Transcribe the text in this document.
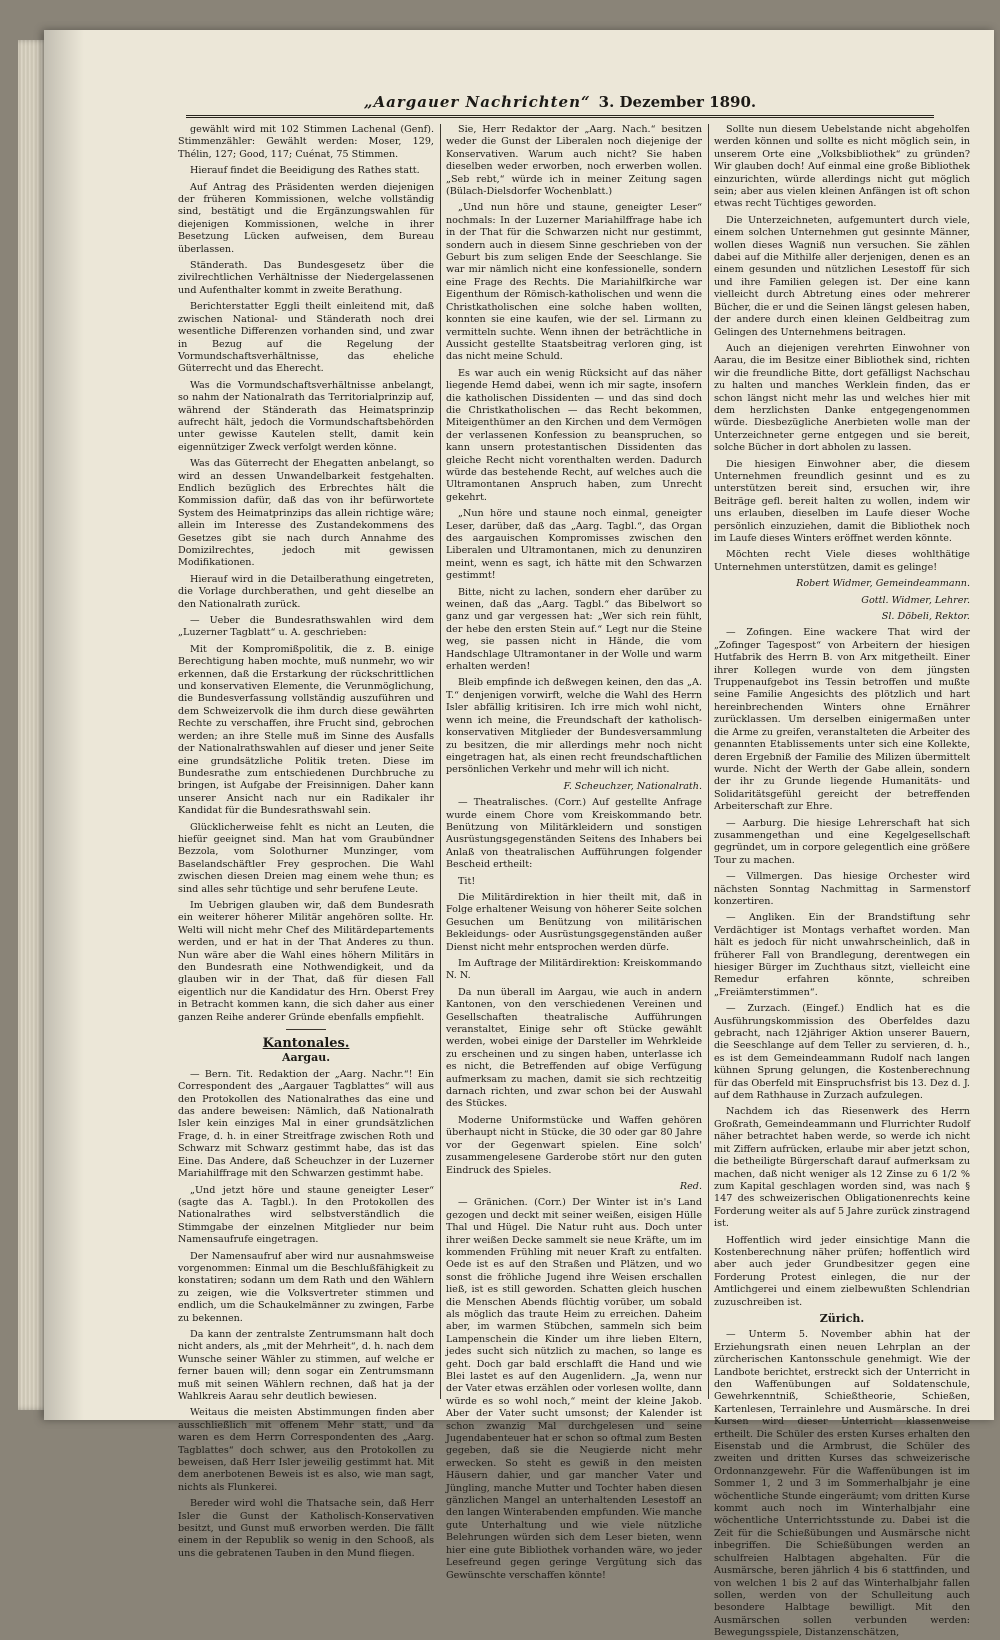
„Aargauer Nachrichten“ 3. Dezember 1890.

gewählt wird mit 102 Stimmen Lachenal (Genf). Stimmenzähler: Gewählt werden: Moser, 129, Thélin, 127; Good, 117; Cuénat, 75 Stimmen.

Hierauf findet die Beeidigung des Rathes statt.

Auf Antrag des Präsidenten werden diejenigen der früheren Kommissionen, welche vollständig sind, bestätigt und die Ergänzungswahlen für diejenigen Kommissionen, welche in ihrer Besetzung Lücken aufweisen, dem Bureau überlassen.

Ständerath. Das Bundesgesetz über die zivilrechtlichen Verhältnisse der Niedergelassenen und Aufenthalter kommt in zweite Berathung.

Berichterstatter Eggli theilt einleitend mit, daß zwischen National- und Ständerath noch drei wesentliche Differenzen vorhanden sind, und zwar in Bezug auf die Regelung der Vormundschaftsverhältnisse, das eheliche Güterrecht und das Eherecht.

Was die Vormundschaftsverhältnisse anbelangt, so nahm der Nationalrath das Territorialprinzip auf, während der Ständerath das Heimatsprinzip aufrecht hält, jedoch die Vormundschaftsbehörden unter gewisse Kautelen stellt, damit kein eigennütziger Zweck verfolgt werden könne.

Was das Güterrecht der Ehegatten anbelangt, so wird an dessen Unwandelbarkeit festgehalten. Endlich bezüglich des Erbrechtes hält die Kommission dafür, daß das von ihr befürwortete System des Heimatprinzips das allein richtige wäre; allein im Interesse des Zustandekommens des Gesetzes gibt sie nach durch Annahme des Domizilrechtes, jedoch mit gewissen Modifikationen.

Hierauf wird in die Detailberathung eingetreten, die Vorlage durchberathen, und geht dieselbe an den Nationalrath zurück.

— Ueber die Bundesrathswahlen wird dem „Luzerner Tagblatt“ u. A. geschrieben:

Mit der Kompromißpolitik, die z. B. einige Berechtigung haben mochte, muß nunmehr, wo wir erkennen, daß die Erstarkung der rückschrittlichen und konservativen Elemente, die Verunmöglichung, die Bundesverfassung vollständig auszuführen und dem Schweizervolk die ihm durch diese gewährten Rechte zu verschaffen, ihre Frucht sind, gebrochen werden; an ihre Stelle muß im Sinne des Ausfalls der Nationalrathswahlen auf dieser und jener Seite eine grundsätzliche Politik treten. Diese im Bundesrathe zum entschiedenen Durchbruche zu bringen, ist Aufgabe der Freisinnigen. Daher kann unserer Ansicht nach nur ein Radikaler ihr Kandidat für die Bundesrathswahl sein.

Glücklicherweise fehlt es nicht an Leuten, die hiefür geeignet sind. Man hat vom Graubündner Bezzola, vom Solothurner Munzinger, vom Baselandschäftler Frey gesprochen. Die Wahl zwischen diesen Dreien mag einem wehe thun; es sind alles sehr tüchtige und sehr berufene Leute.

Im Uebrigen glauben wir, daß dem Bundesrath ein weiterer höherer Militär angehören sollte. Hr. Welti will nicht mehr Chef des Militärdepartements werden, und er hat in der That Anderes zu thun. Nun wäre aber die Wahl eines höhern Militärs in den Bundesrath eine Nothwendigkeit, und da glauben wir in der That, daß für diesen Fall eigentlich nur die Kandidatur des Hrn. Oberst Frey in Betracht kommen kann, die sich daher aus einer ganzen Reihe anderer Gründe ebenfalls empfiehlt.

Kantonales.
Aargau.

— Bern. Tit. Redaktion der „Aarg. Nachr.“! Ein Correspondent des „Aargauer Tagblattes“ will aus den Protokollen des Nationalrathes das eine und das andere beweisen: Nämlich, daß Nationalrath Isler kein einziges Mal in einer grundsätzlichen Frage, d. h. in einer Streitfrage zwischen Roth und Schwarz mit Schwarz gestimmt habe, das ist das Eine. Das Andere, daß Scheuchzer in der Luzerner Mariahilffrage mit den Schwarzen gestimmt habe.

„Und jetzt höre und staune geneigter Leser“ (sagte das A. Tagbl.). In den Protokollen des Nationalrathes wird selbstverständlich die Stimmgabe der einzelnen Mitglieder nur beim Namensaufrufe eingetragen.

Der Namensaufruf aber wird nur ausnahmsweise vorgenommen: Einmal um die Beschlußfähigkeit zu konstatiren; sodann um dem Rath und den Wählern zu zeigen, wie die Volksvertreter stimmen und endlich, um die Schaukelmänner zu zwingen, Farbe zu bekennen.

Da kann der zentralste Zentrumsmann halt doch nicht anders, als „mit der Mehrheit“, d. h. nach dem Wunsche seiner Wähler zu stimmen, auf welche er ferner bauen will; denn sogar ein Zentrumsmann muß mit seinen Wählern rechnen, daß hat ja der Wahlkreis Aarau sehr deutlich bewiesen.

Weitaus die meisten Abstimmungen finden aber ausschließlich mit offenem Mehr statt, und da waren es dem Herrn Correspondenten des „Aarg. Tagblattes“ doch schwer, aus den Protokollen zu beweisen, daß Herr Isler jeweilig gestimmt hat. Mit dem anerbotenen Beweis ist es also, wie man sagt, nichts als Flunkerei.

Bereder wird wohl die Thatsache sein, daß Herr Isler die Gunst der Katholisch-Konservativen besitzt, und Gunst muß erworben werden. Die fällt einem in der Republik so wenig in den Schooß, als uns die gebratenen Tauben in den Mund fliegen.

Sie, Herr Redaktor der „Aarg. Nach.“ besitzen weder die Gunst der Liberalen noch diejenige der Konservativen. Warum auch nicht? Sie haben dieselben weder erworben, noch erwerben wollen. „Seb rebt,“ würde ich in meiner Zeitung sagen (Bülach-Dielsdorfer Wochenblatt.)

„Und nun höre und staune, geneigter Leser“ nochmals: In der Luzerner Mariahilffrage habe ich in der That für die Schwarzen nicht nur gestimmt, sondern auch in diesem Sinne geschrieben von der Geburt bis zum seligen Ende der Seeschlange. Sie war mir nämlich nicht eine konfessionelle, sondern eine Frage des Rechts. Die Mariahilfkirche war Eigenthum der Römisch-katholischen und wenn die Christkatholischen eine solche haben wollten, konnten sie eine kaufen, wie der sel. Lirmann zu vermitteln suchte. Wenn ihnen der beträchtliche in Aussicht gestellte Staatsbeitrag verloren ging, ist das nicht meine Schuld.

Es war auch ein wenig Rücksicht auf das näher liegende Hemd dabei, wenn ich mir sagte, insofern die katholischen Dissidenten — und das sind doch die Christkatholischen — das Recht bekommen, Miteigenthümer an den Kirchen und dem Vermögen der verlassenen Konfession zu beanspruchen, so kann unsern protestantischen Dissidenten das gleiche Recht nicht vorenthalten werden. Dadurch würde das bestehende Recht, auf welches auch die Ultramontanen Anspruch haben, zum Unrecht gekehrt.

„Nun höre und staune noch einmal, geneigter Leser, darüber, daß das „Aarg. Tagbl.“, das Organ des aargauischen Kompromisses zwischen den Liberalen und Ultramontanen, mich zu denunziren meint, wenn es sagt, ich hätte mit den Schwarzen gestimmt!

Bitte, nicht zu lachen, sondern eher darüber zu weinen, daß das „Aarg. Tagbl.“ das Bibelwort so ganz und gar vergessen hat: „Wer sich rein fühlt, der hebe den ersten Stein auf.“ Legt nur die Steine weg, sie passen nicht in Hände, die vom Handschlage Ultramontaner in der Wolle und warm erhalten werden!

Bleib empfinde ich deßwegen keinen, den das „A. T.“ denjenigen vorwirft, welche die Wahl des Herrn Isler abfällig kritisiren. Ich irre mich wohl nicht, wenn ich meine, die Freundschaft der katholisch-konservativen Mitglieder der Bundesversammlung zu besitzen, die mir allerdings mehr noch nicht eingetragen hat, als einen recht freundschaftlichen persönlichen Verkehr und mehr will ich nicht.

F. Scheuchzer, Nationalrath.

— Theatralisches. (Corr.) Auf gestellte Anfrage wurde einem Chore vom Kreiskommando betr. Benützung von Militärkleidern und sonstigen Ausrüstungsgegenständen Seitens des Inhabers bei Anlaß von theatralischen Aufführungen folgender Bescheid ertheilt:

Tit!

Die Militärdirektion in hier theilt mit, daß in Folge erhaltener Weisung von höherer Seite solchen Gesuchen um Benützung von militärischen Bekleidungs- oder Ausrüstungsgegenständen außer Dienst nicht mehr entsprochen werden dürfe.

Im Auftrage der Militärdirektion: Kreiskommando N. N.

Da nun überall im Aargau, wie auch in andern Kantonen, von den verschiedenen Vereinen und Gesellschaften theatralische Aufführungen veranstaltet, Einige sehr oft Stücke gewählt werden, wobei einige der Darsteller im Wehrkleide zu erscheinen und zu singen haben, unterlasse ich es nicht, die Betreffenden auf obige Verfügung aufmerksam zu machen, damit sie sich rechtzeitig darnach richten, und zwar schon bei der Auswahl des Stückes.

Moderne Uniformstücke und Waffen gehören überhaupt nicht in Stücke, die 30 oder gar 80 Jahre vor der Gegenwart spielen. Eine solch' zusammengelesene Garderobe stört nur den guten Eindruck des Spieles.

Red.

— Gränichen. (Corr.) Der Winter ist in's Land gezogen und deckt mit seiner weißen, eisigen Hülle Thal und Hügel. Die Natur ruht aus. Doch unter ihrer weißen Decke sammelt sie neue Kräfte, um im kommenden Frühling mit neuer Kraft zu entfalten. Oede ist es auf den Straßen und Plätzen, und wo sonst die fröhliche Jugend ihre Weisen erschallen ließ, ist es still geworden. Schatten gleich huschen die Menschen Abends flüchtig vorüber, um sobald als möglich das traute Heim zu erreichen. Daheim aber, im warmen Stübchen, sammeln sich beim Lampenschein die Kinder um ihre lieben Eltern, jedes sucht sich nützlich zu machen, so lange es geht. Doch gar bald erschlafft die Hand und wie Blei lastet es auf den Augenlidern. „Ja, wenn nur der Vater etwas erzählen oder vorlesen wollte, dann würde es so wohl noch,“ meint der kleine Jakob. Aber der Vater sucht umsonst; der Kalender ist schon zwanzig Mal durchgelesen und seine Jugendabenteuer hat er schon so oftmal zum Besten gegeben, daß sie die Neugierde nicht mehr erwecken. So steht es gewiß in den meisten Häusern dahier, und gar mancher Vater und Jüngling, manche Mutter und Tochter haben diesen gänzlichen Mangel an unterhaltenden Lesestoff an den langen Winterabenden empfunden. Wie manche gute Unterhaltung und wie viele nützliche Belehrungen würden sich dem Leser bieten, wenn hier eine gute Bibliothek vorhanden wäre, wo jeder Lesefreund gegen geringe Vergütung sich das Gewünschte verschaffen könnte!

Sollte nun diesem Uebelstande nicht abgeholfen werden können und sollte es nicht möglich sein, in unserem Orte eine „Volksbibliothek“ zu gründen? Wir glauben doch! Auf einmal eine große Bibliothek einzurichten, würde allerdings nicht gut möglich sein; aber aus vielen kleinen Anfängen ist oft schon etwas recht Tüchtiges geworden.

Die Unterzeichneten, aufgemuntert durch viele, einem solchen Unternehmen gut gesinnte Männer, wollen dieses Wagniß nun versuchen. Sie zählen dabei auf die Mithilfe aller derjenigen, denen es an einem gesunden und nützlichen Lesestoff für sich und ihre Familien gelegen ist. Der eine kann vielleicht durch Abtretung eines oder mehrerer Bücher, die er und die Seinen längst gelesen haben, der andere durch einen kleinen Geldbeitrag zum Gelingen des Unternehmens beitragen.

Auch an diejenigen verehrten Einwohner von Aarau, die im Besitze einer Bibliothek sind, richten wir die freundliche Bitte, dort gefälligst Nachschau zu halten und manches Werklein finden, das er schon längst nicht mehr las und welches hier mit dem herzlichsten Danke entgegengenommen würde. Diesbezügliche Anerbieten wolle man der Unterzeichneter gerne entgegen und sie bereit, solche Bücher in dort abholen zu lassen.

Die hiesigen Einwohner aber, die diesem Unternehmen freundlich gesinnt und es zu unterstützen bereit sind, ersuchen wir, ihre Beiträge gefl. bereit halten zu wollen, indem wir uns erlauben, dieselben im Laufe dieser Woche persönlich einzuziehen, damit die Bibliothek noch im Laufe dieses Winters eröffnet werden könnte.

Möchten recht Viele dieses wohlthätige Unternehmen unterstützen, damit es gelinge!

Robert Widmer, Gemeindeammann.
Gottl. Widmer, Lehrer.
Sl. Döbeli, Rektor.

— Zofingen. Eine wackere That wird der „Zofinger Tagespost“ von Arbeitern der hiesigen Hutfabrik des Herrn B. von Arx mitgetheilt. Einer ihrer Kollegen wurde von dem jüngsten Truppenaufgebot ins Tessin betroffen und mußte seine Familie Angesichts des plötzlich und hart hereinbrechenden Winters ohne Ernährer zurücklassen. Um derselben einigermaßen unter die Arme zu greifen, veranstalteten die Arbeiter des genannten Etablissements unter sich eine Kollekte, deren Ergebniß der Familie des Milizen übermittelt wurde. Nicht der Werth der Gabe allein, sondern der ihr zu Grunde liegende Humanitäts- und Solidaritätsgefühl gereicht der betreffenden Arbeiterschaft zur Ehre.

— Aarburg. Die hiesige Lehrerschaft hat sich zusammengethan und eine Kegelgesellschaft gegründet, um in corpore gelegentlich eine größere Tour zu machen.

— Villmergen. Das hiesige Orchester wird nächsten Sonntag Nachmittag in Sarmenstorf konzertiren.

— Angliken. Ein der Brandstiftung sehr Verdächtiger ist Montags verhaftet worden. Man hält es jedoch für nicht unwahrscheinlich, daß in früherer Fall von Brandlegung, derentwegen ein hiesiger Bürger im Zuchthaus sitzt, vielleicht eine Remedur erfahren könnte, schreiben „Freiämterstimmen“.

— Zurzach. (Eingef.) Endlich hat es die Ausführungskommission des Oberfeldes dazu gebracht, nach 12jähriger Aktion unserer Bauern, die Seeschlange auf dem Teller zu servieren, d. h., es ist dem Gemeindeammann Rudolf nach langen kühnen Sprung gelungen, die Kostenberechnung für das Oberfeld mit Einspruchsfrist bis 13. Dez d. J. auf dem Rathhause in Zurzach aufzulegen.

Nachdem ich das Riesenwerk des Herrn Großrath, Gemeindeammann und Flurrichter Rudolf näher betrachtet haben werde, so werde ich nicht mit Ziffern aufrücken, erlaube mir aber jetzt schon, die betheiligte Bürgerschaft darauf aufmerksam zu machen, daß nicht weniger als 12 Zinse zu 6 1/2 % zum Kapital geschlagen worden sind, was nach § 147 des schweizerischen Obligationenrechts keine Forderung weiter als auf 5 Jahre zurück zinstragend ist.

Hoffentlich wird jeder einsichtige Mann die Kostenberechnung näher prüfen; hoffentlich wird aber auch jeder Grundbesitzer gegen eine Forderung Protest einlegen, die nur der Amtlichgerei und einem zielbewußten Schlendrian zuzuschreiben ist.

Zürich.

— Unterm 5. November abhin hat der Erziehungsrath einen neuen Lehrplan an der zürcherischen Kantonsschule genehmigt. Wie der Landbote berichtet, erstreckt sich der Unterricht in den Waffenübungen auf Soldatenschule, Gewehrkenntniß, Schießtheorie, Schießen, Kartenlesen, Terrainlehre und Ausmärsche. In drei Kursen wird dieser Unterricht klassenweise ertheilt. Die Schüler des ersten Kurses erhalten den Eisenstab und die Armbrust, die Schüler des zweiten und dritten Kurses das schweizerische Ordonnanzgewehr. Für die Waffenübungen ist im Sommer 1, 2 und 3 im Sommerhalbjahr je eine wöchentliche Stunde eingeräumt; vom dritten Kurse kommt auch noch im Winterhalbjahr eine wöchentliche Unterrichtsstunde zu. Dabei ist die Zeit für die Schießübungen und Ausmärsche nicht inbegriffen. Die Schießübungen werden an schulfreien Halbtagen abgehalten. Für die Ausmärsche, beren jährlich 4 bis 6 stattfinden, und von welchen 1 bis 2 auf das Winterhalbjahr fallen sollen, werden von der Schulleitung auch besondere Halbtage bewilligt. Mit den Ausmärschen sollen verbunden werden: Bewegungsspiele, Distanzenschätzen,
